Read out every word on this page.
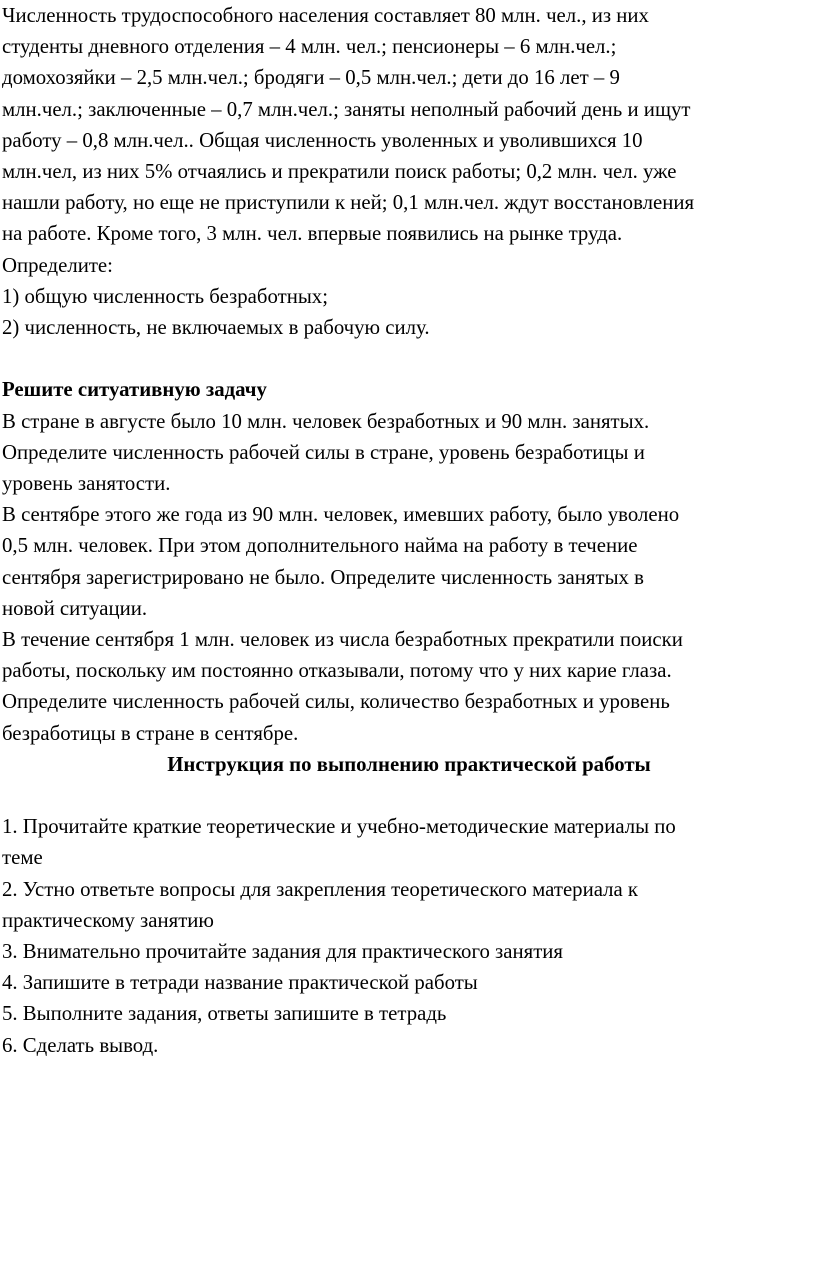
Численность трудоспособного населения составляет 80 млн. чел., из них
студенты дневного отделения – 4 млн. чел.; пенсионеры – 6 млн.чел.;
домохозяйки – 2,5 млн.чел.; бродяги – 0,5 млн.чел.; дети до 16 лет – 9
млн.чел.; заключенные – 0,7 млн.чел.; заняты неполный рабочий день и ищут
работу – 0,8 млн.чел.. Общая численность уволенных и уволившихся 10
млн.чел, из них 5% отчаялись и прекратили поиск работы; 0,2 млн. чел. уже
нашли работу, но еще не приступили к ней; 0,1 млн.чел. ждут восстановления
на работе. Кроме того, 3 млн. чел. впервые появились на рынке труда.
Определите:
1) общую численность безработных;
2) численность, не включаемых в рабочую силу.
Решите ситуативную задачу
В стране в августе было 10 млн. человек безработных и 90 млн. занятых.
Определите численность рабочей силы в стране, уровень безработицы и
уровень занятости.
В сентябре этого же года из 90 млн. человек, имевших работу, было уволено
0,5 млн. человек. При этом дополнительного найма на работу в течение
сентября зарегистрировано не было. Определите численность занятых в
новой ситуации.
В течение сентября 1 млн. человек из числа безработных прекратили поиски
работы, поскольку им постоянно отказывали, потому что у них карие глаза.
Определите численность рабочей силы, количество безработных и уровень
безработицы в стране в сентябре.
Инструкция по выполнению практической работы
1. Прочитайте краткие теоретические и учебно-методические материалы по
теме
2. Устно ответьте вопросы для закрепления теоретического материала к
практическому занятию
3. Внимательно прочитайте задания для практического занятия
4. Запишите в тетради название практической работы
5. Выполните задания, ответы запишите в тетрадь
6. Сделать вывод.
